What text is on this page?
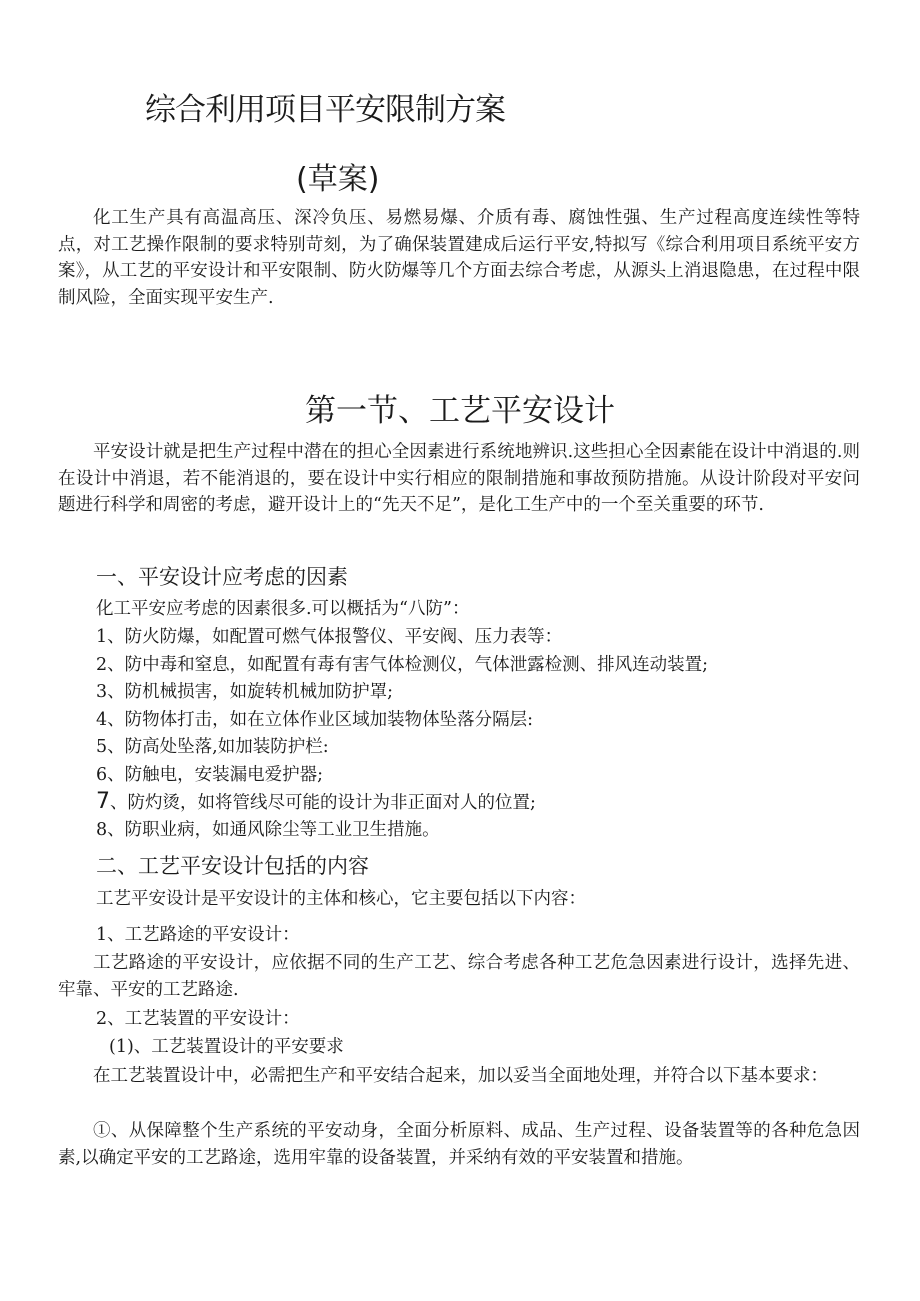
综合利用项目平安限制方案
(草案)
化工生产具有高温高压、深冷负压、易燃易爆、介质有毒、腐蚀性强、生产过程高度连续性等特点，对工艺操作限制的要求特别苛刻，为了确保装置建成后运行平安,特拟写《综合利用项目系统平安方案》，从工艺的平安设计和平安限制、防火防爆等几个方面去综合考虑，从源头上消退隐患，在过程中限制风险，全面实现平安生产.
第一节、工艺平安设计
平安设计就是把生产过程中潜在的担心全因素进行系统地辨识.这些担心全因素能在设计中消退的.则在设计中消退，若不能消退的，要在设计中实行相应的限制措施和事故预防措施。从设计阶段对平安问题进行科学和周密的考虑，避开设计上的“先天不足”，是化工生产中的一个至关重要的环节.
一、平安设计应考虑的因素
化工平安应考虑的因素很多.可以概括为“八防”：
1、防火防爆，如配置可燃气体报警仪、平安阀、压力表等：
2、防中毒和窒息，如配置有毒有害气体检测仪，气体泄露检测、排风连动装置;
3、防机械损害，如旋转机械加防护罩;
4、防物体打击，如在立体作业区域加装物体坠落分隔层:
5、防高处坠落,如加装防护栏:
6、防触电，安装漏电爱护器;
7、防灼烫，如将管线尽可能的设计为非正面对人的位置;
8、防职业病，如通风除尘等工业卫生措施。
二、工艺平安设计包括的内容
工艺平安设计是平安设计的主体和核心，它主要包括以下内容：
1、工艺路途的平安设计：
工艺路途的平安设计，应依据不同的生产工艺、综合考虑各种工艺危急因素进行设计，选择先进、牢靠、平安的工艺路途.
2、工艺装置的平安设计：
(1)、工艺装置设计的平安要求
在工艺装置设计中，必需把生产和平安结合起来，加以妥当全面地处理，并符合以下基本要求：
①、从保障整个生产系统的平安动身，全面分析原料、成品、生产过程、设备装置等的各种危急因素,以确定平安的工艺路途，选用牢靠的设备装置，并采纳有效的平安装置和措施。
